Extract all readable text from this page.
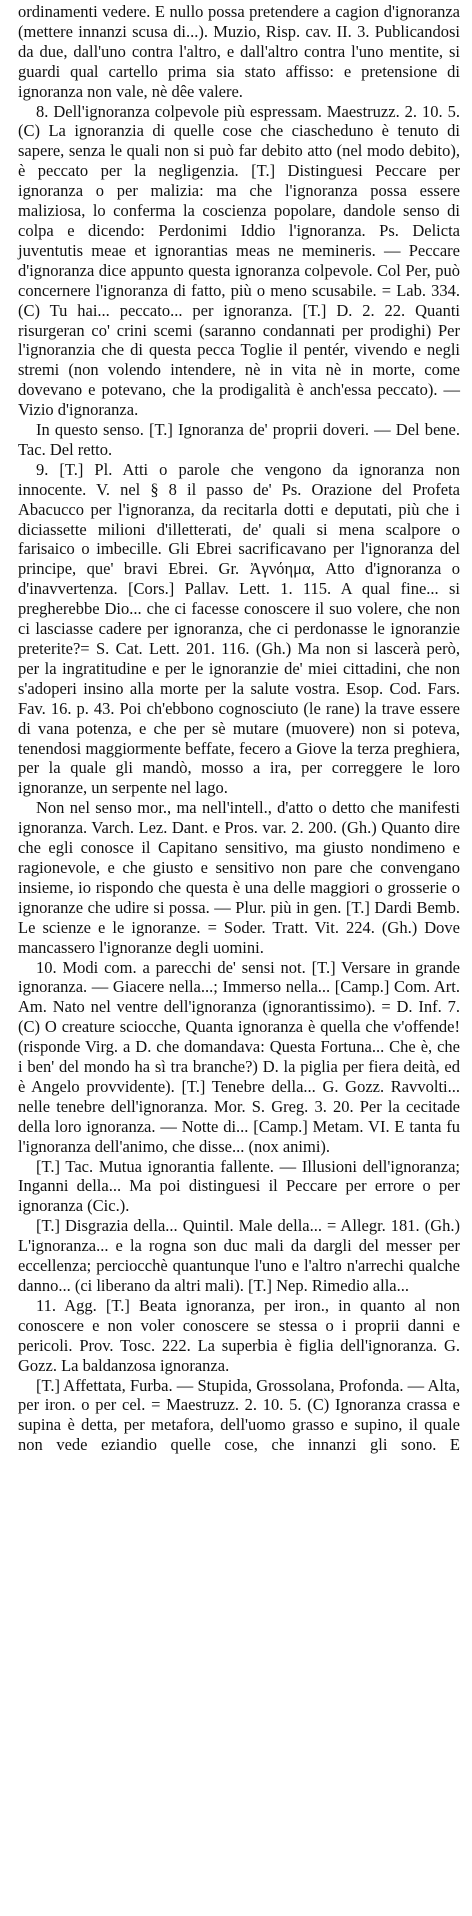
ordinamenti vedere. E nullo possa pretendere a cagion d'ignoranza (mettere innanzi scusa di...). Muzio, Risp. cav. II. 3. Publicandosi da due, dall'uno contra l'altro, e dall'altro contra l'uno mentite, si guardi qual cartello prima sia stato affisso: e pretensione di ignoranza non vale, nè dêe valere.

8. Dell'ignoranza colpevole più espressam. Maestruzz. 2. 10. 5. (C) La ignoranzia di quelle cose che ciascheduno è tenuto di sapere, senza le quali non si può far debito atto (nel modo debito), è peccato per la negligenzia. [T.] Distinguesi Peccare per ignoranza o per malizia: ma che l'ignoranza possa essere maliziosa, lo conferma la coscienza popolare, dandole senso di colpa e dicendo: Perdonimi Iddio l'ignoranza. Ps. Delicta juventutis meae et ignorantias meas ne memineris. — Peccare d'ignoranza dice appunto questa ignoranza colpevole. Col Per, può concernere l'ignoranza di fatto, più o meno scusabile. = Lab. 334. (C) Tu hai... peccato... per ignoranza. [T.] D. 2. 22. Quanti risurgeran co' crini scemi (saranno condannati per prodighi) Per l'ignoranzia che di questa pecca Toglie il pentér, vivendo e negli stremi (non volendo intendere, nè in vita nè in morte, come dovevano e potevano, che la prodigalità è anch'essa peccato). — Vizio d'ignoranza.

In questo senso. [T.] Ignoranza de' proprii doveri. — Del bene. Tac. Del retto.

9. [T.] Pl. Atti o parole che vengono da ignoranza non innocente. V. nel § 8 il passo de' Ps. Orazione del Profeta Abacucco per l'ignoranza, da recitarla dotti e deputati, più che i diciassette milioni d'illetterati, de' quali si mena scalpore o farisaico o imbecille. Gli Ebrei sacrificavano per l'ignoranza del principe, que' bravi Ebrei. Gr. Ἀγνόημα, Atto d'ignoranza o d'inavvertenza. [Cors.] Pallav. Lett. 1. 115. A qual fine... si pregherebbe Dio... che ci facesse conoscere il suo volere, che non ci lasciasse cadere per ignoranza, che ci perdonasse le ignoranzie preterite?= S. Cat. Lett. 201. 116. (Gh.) Ma non si lascerà però, per la ingratitudine e per le ignoranzie de' miei cittadini, che non s'adoperi insino alla morte per la salute vostra. Esop. Cod. Fars. Fav. 16. p. 43. Poi ch'ebbono cognosciuto (le rane) la trave essere di vana potenza, e che per sè mutare (muovere) non si poteva, tenendosi maggiormente beffate, fecero a Giove la terza preghiera, per la quale gli mandò, mosso a ira, per correggere le loro ignoranze, un serpente nel lago.

Non nel senso mor., ma nell'intell., d'atto o detto che manifesti ignoranza. Varch. Lez. Dant. e Pros. var. 2. 200. (Gh.) Quanto dire che egli conosce il Capitano sensitivo, ma giusto nondimeno e ragionevole, e che giusto e sensitivo non pare che convengano insieme, io rispondo che questa è una delle maggiori o grosserie o ignoranze che udire si possa. — Plur. più in gen. [T.] Dardi Bemb. Le scienze e le ignoranze. = Soder. Tratt. Vit. 224. (Gh.) Dove mancassero l'ignoranze degli uomini.

10. Modi com. a parecchi de' sensi not. [T.] Versare in grande ignoranza. — Giacere nella...; Immerso nella... [Camp.] Com. Art. Am. Nato nel ventre dell'ignoranza (ignorantissimo). = D. Inf. 7. (C) O creature sciocche, Quanta ignoranza è quella che v'offende! (risponde Virg. a D. che domandava: Questa Fortuna... Che è, che i ben' del mondo ha sì tra branche?) D. la piglia per fiera deità, ed è Angelo provvidente). [T.] Tenebre della... G. Gozz. Ravvolti... nelle tenebre dell'ignoranza. Mor. S. Greg. 3. 20. Per la cecitade della loro ignoranza. — Notte di... [Camp.] Metam. VI. E tanta fu l'ignoranza dell'animo, che disse... (nox animi).

[T.] Tac. Mutua ignorantia fallente. — Illusioni dell'ignoranza; Inganni della... Ma poi distinguesi il Peccare per errore o per ignoranza (Cic.).

[T.] Disgrazia della... Quintil. Male della... = Allegr. 181. (Gh.) L'ignoranza... e la rogna son duc mali da dargli del messer per eccellenza; perciocchè quantunque l'uno e l'altro n'arrechi qualche danno... (ci liberano da altri mali). [T.] Nep. Rimedio alla...

11. Agg. [T.] Beata ignoranza, per iron., in quanto al non conoscere e non voler conoscere se stessa o i proprii danni e pericoli. Prov. Tosc. 222. La superbia è figlia dell'ignoranza. G. Gozz. La baldanzosa ignoranza.

[T.] Affettata, Furba. — Stupida, Grossolana, Profonda. — Alta, per iron. o per cel. = Maestruzz. 2. 10. 5. (C) Ignoranza crassa e supina è detta, per metafora, dell'uomo grasso e supino, il quale non vede eziandio quelle cose, che innanzi gli sono. E
